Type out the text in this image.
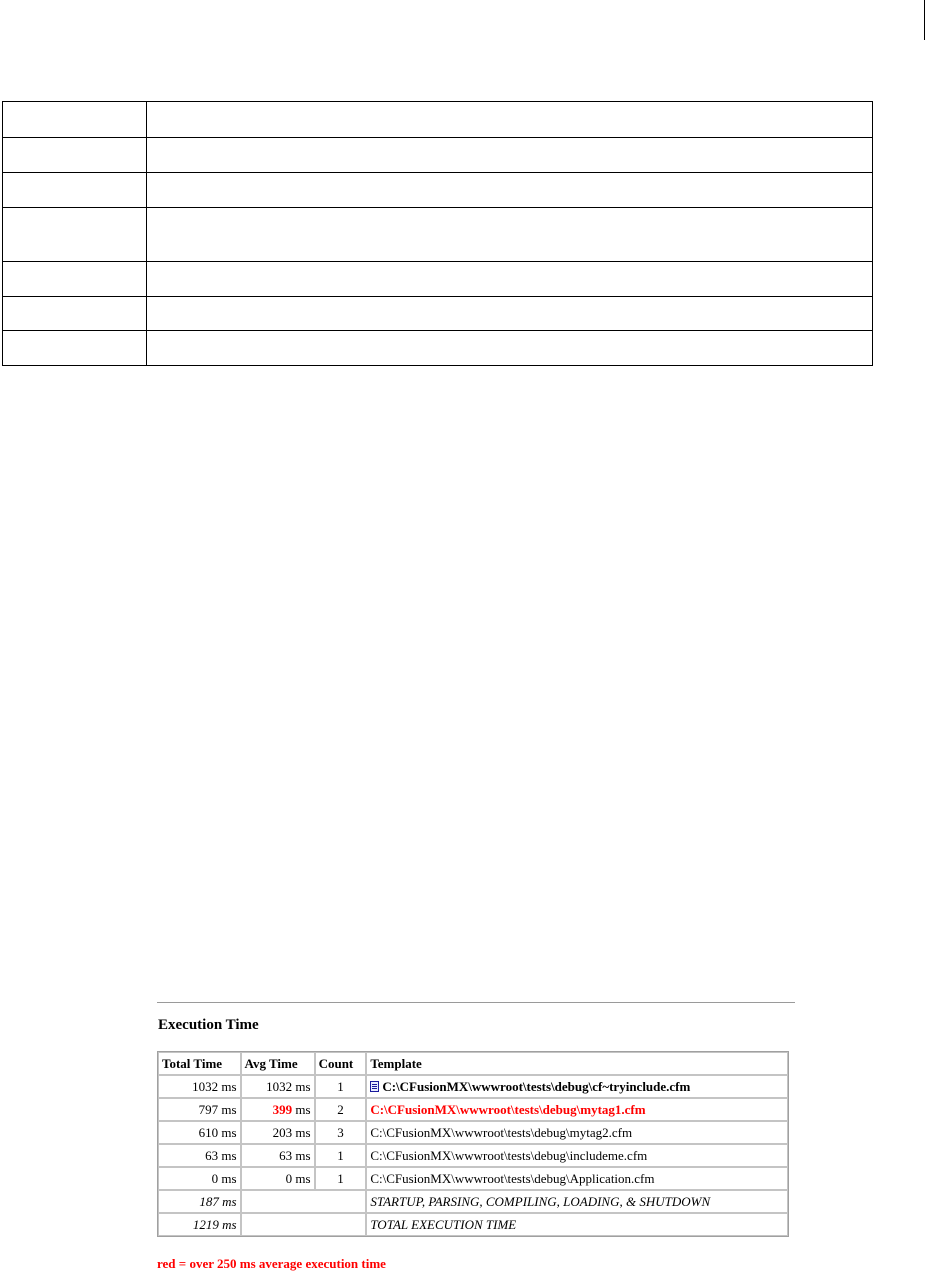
Execution Time
Total Time	Avg Time	Count	Template
1032 ms	1032 ms	1	C:\CFusionMX\wwwroot\tests\debug\cf~tryinclude.cfm
797 ms	399 ms	2	C:\CFusionMX\wwwroot\tests\debug\mytag1.cfm
610 ms	203 ms	3	C:\CFusionMX\wwwroot\tests\debug\mytag2.cfm
63 ms	63 ms	1	C:\CFusionMX\wwwroot\tests\debug\includeme.cfm
0 ms	0 ms	1	C:\CFusionMX\wwwroot\tests\debug\Application.cfm
187 ms			STARTUP, PARSING, COMPILING, LOADING, & SHUTDOWN
1219 ms			TOTAL EXECUTION TIME
red = over 250 ms average execution time
